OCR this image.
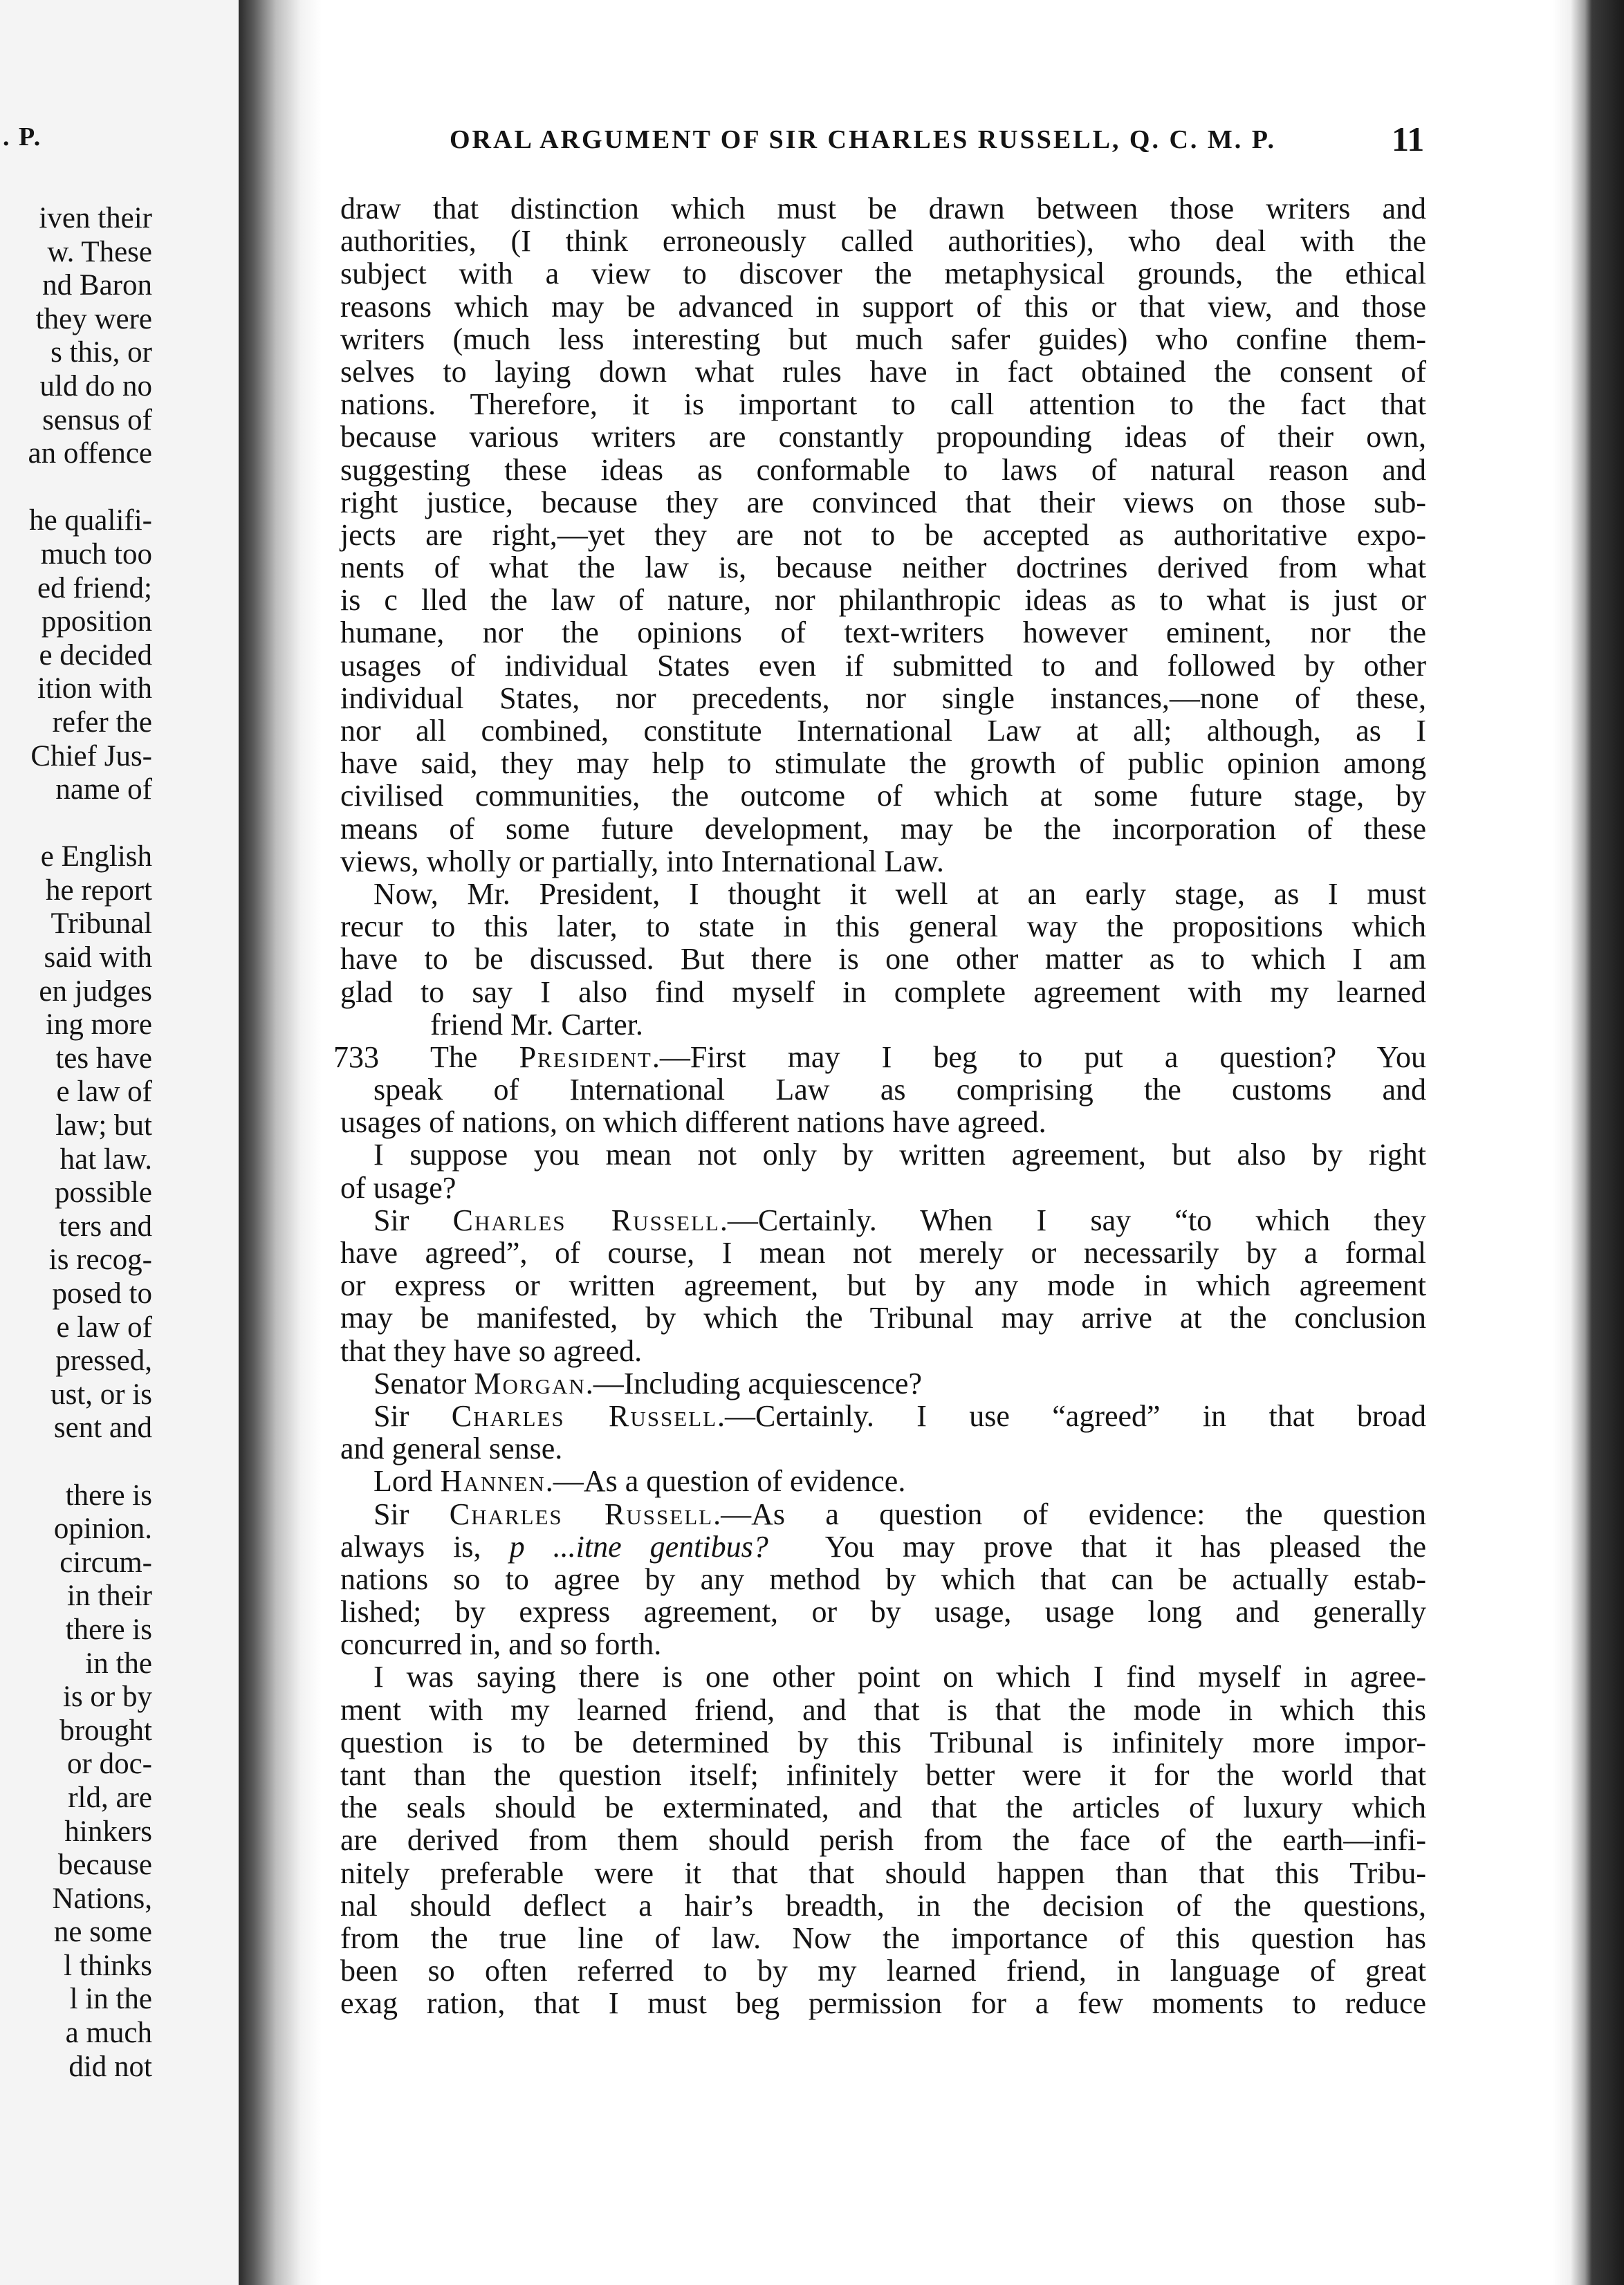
. P.
iven their
w. These
nd Baron
they were
s this, or
uld do no
sensus of
an offence
he qualifi-
much too
ed friend;
pposition
e decided
ition with
refer the
Chief Jus-
name of
e English
he report
Tribunal
said with
en judges
ing more
tes have
e law of
law; but
hat law.
possible
ters and
is recog-
posed to
e law of
pressed,
ust, or is
sent and
there is
opinion.
circum-
in their
there is
in the
is or by
brought
or doc-
rld, are
hinkers
because
Nations,
ne some
l thinks
l in the
a much
did not
ORAL ARGUMENT OF SIR CHARLES RUSSELL, Q. C. M. P.	11
draw that distinction which must be drawn between those writers and
authorities, (I think erroneously called authorities), who deal with the
subject with a view to discover the metaphysical grounds, the ethical
reasons which may be advanced in support of this or that view, and those
writers (much less interesting but much safer guides) who confine them-
selves to laying down what rules have in fact obtained the consent of
nations. Therefore, it is important to call attention to the fact that
because various writers are constantly propounding ideas of their own,
suggesting these ideas as conformable to laws of natural reason and
right justice, because they are convinced that their views on those sub-
jects are right,—yet they are not to be accepted as authoritative expo-
nents of what the law is, because neither doctrines derived from what
is c lled the law of nature, nor philanthropic ideas as to what is just or
humane, nor the opinions of text-writers however eminent, nor the
usages of individual States even if submitted to and followed by other
individual States, nor precedents, nor single instances,—none of these,
nor all combined, constitute International Law at all; although, as I
have said, they may help to stimulate the growth of public opinion among
civilised communities, the outcome of which at some future stage, by
means of some future development, may be the incorporation of these
views, wholly or partially, into International Law.
Now, Mr. President, I thought it well at an early stage, as I must
recur to this later, to state in this general way the propositions which
have to be discussed. But there is one other matter as to which I am
glad to say I also find myself in complete agreement with my learned
friend Mr. Carter.
733 The President.—First may I beg to put a question? You
speak of International Law as comprising the customs and
usages of nations, on which different nations have agreed.
I suppose you mean not only by written agreement, but also by right
of usage?
Sir Charles Russell.—Certainly. When I say “to which they
have agreed”, of course, I mean not merely or necessarily by a formal
or express or written agreement, but by any mode in which agreement
may be manifested, by which the Tribunal may arrive at the conclusion
that they have so agreed.
Senator Morgan.—Including acquiescence?
Sir Charles Russell.—Certainly. I use “agreed” in that broad
and general sense.
Lord Hannen.—As a question of evidence.
Sir Charles Russell.—As a question of evidence: the question
always is, p ...itne gentibus? You may prove that it has pleased the
nations so to agree by any method by which that can be actually estab-
lished; by express agreement, or by usage, usage long and generally
concurred in, and so forth.
I was saying there is one other point on which I find myself in agree-
ment with my learned friend, and that is that the mode in which this
question is to be determined by this Tribunal is infinitely more impor-
tant than the question itself; infinitely better were it for the world that
the seals should be exterminated, and that the articles of luxury which
are derived from them should perish from the face of the earth—infi-
nitely preferable were it that that should happen than that this Tribu-
nal should deflect a hair’s breadth, in the decision of the questions,
from the true line of law. Now the importance of this question has
been so often referred to by my learned friend, in language of great
exag ration, that I must beg permission for a few moments to reduce
